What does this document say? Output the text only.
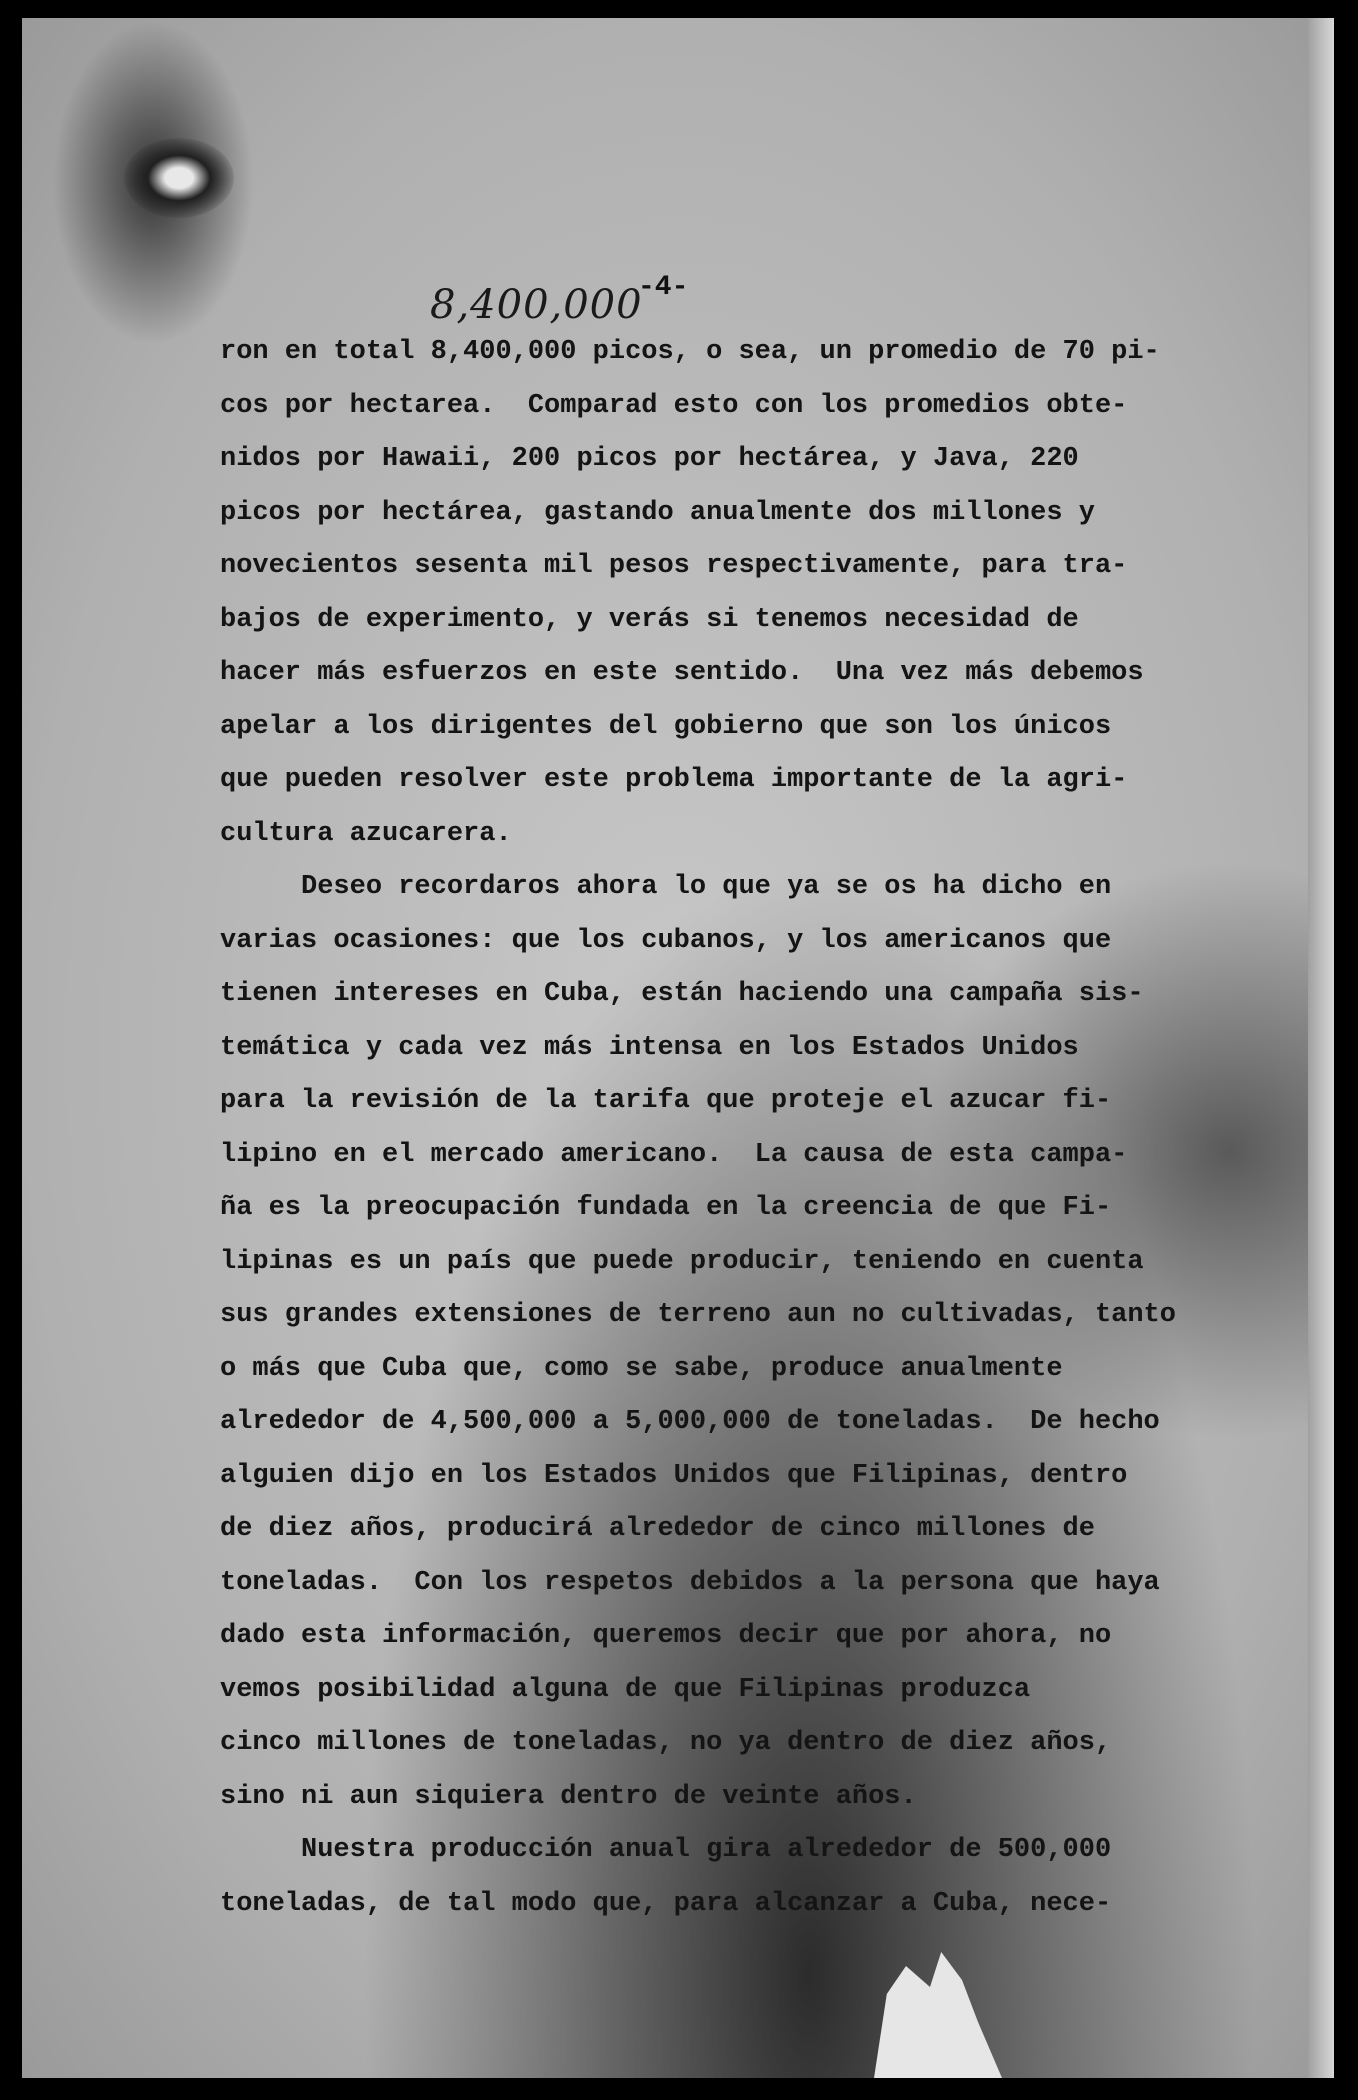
8,400,000
-4-
ron en total 8,400,000 picos, o sea, un promedio de 70 pi-
cos por hectarea.  Comparad esto con los promedios obte-
nidos por Hawaii, 200 picos por hectárea, y Java, 220
picos por hectárea, gastando anualmente dos millones y
novecientos sesenta mil pesos respectivamente, para tra-
bajos de experimento, y verás si tenemos necesidad de
hacer más esfuerzos en este sentido.  Una vez más debemos
apelar a los dirigentes del gobierno que son los únicos
que pueden resolver este problema importante de la agri-
cultura azucarera.
Deseo recordaros ahora lo que ya se os ha dicho en
varias ocasiones: que los cubanos, y los americanos que
tienen intereses en Cuba, están haciendo una campaña sis-
temática y cada vez más intensa en los Estados Unidos
para la revisión de la tarifa que proteje el azucar fi-
lipino en el mercado americano.  La causa de esta campa-
ña es la preocupación fundada en la creencia de que Fi-
lipinas es un país que puede producir, teniendo en cuenta
sus grandes extensiones de terreno aun no cultivadas, tanto
o más que Cuba que, como se sabe, produce anualmente
alrededor de 4,500,000 a 5,000,000 de toneladas.  De hecho
alguien dijo en los Estados Unidos que Filipinas, dentro
de diez años, producirá alrededor de cinco millones de
toneladas.  Con los respetos debidos a la persona que haya
dado esta información, queremos decir que por ahora, no
vemos posibilidad alguna de que Filipinas produzca
cinco millones de toneladas, no ya dentro de diez años,
sino ni aun siquiera dentro de veinte años.
Nuestra producción anual gira alrededor de 500,000
toneladas, de tal modo que, para alcanzar a Cuba, nece-
